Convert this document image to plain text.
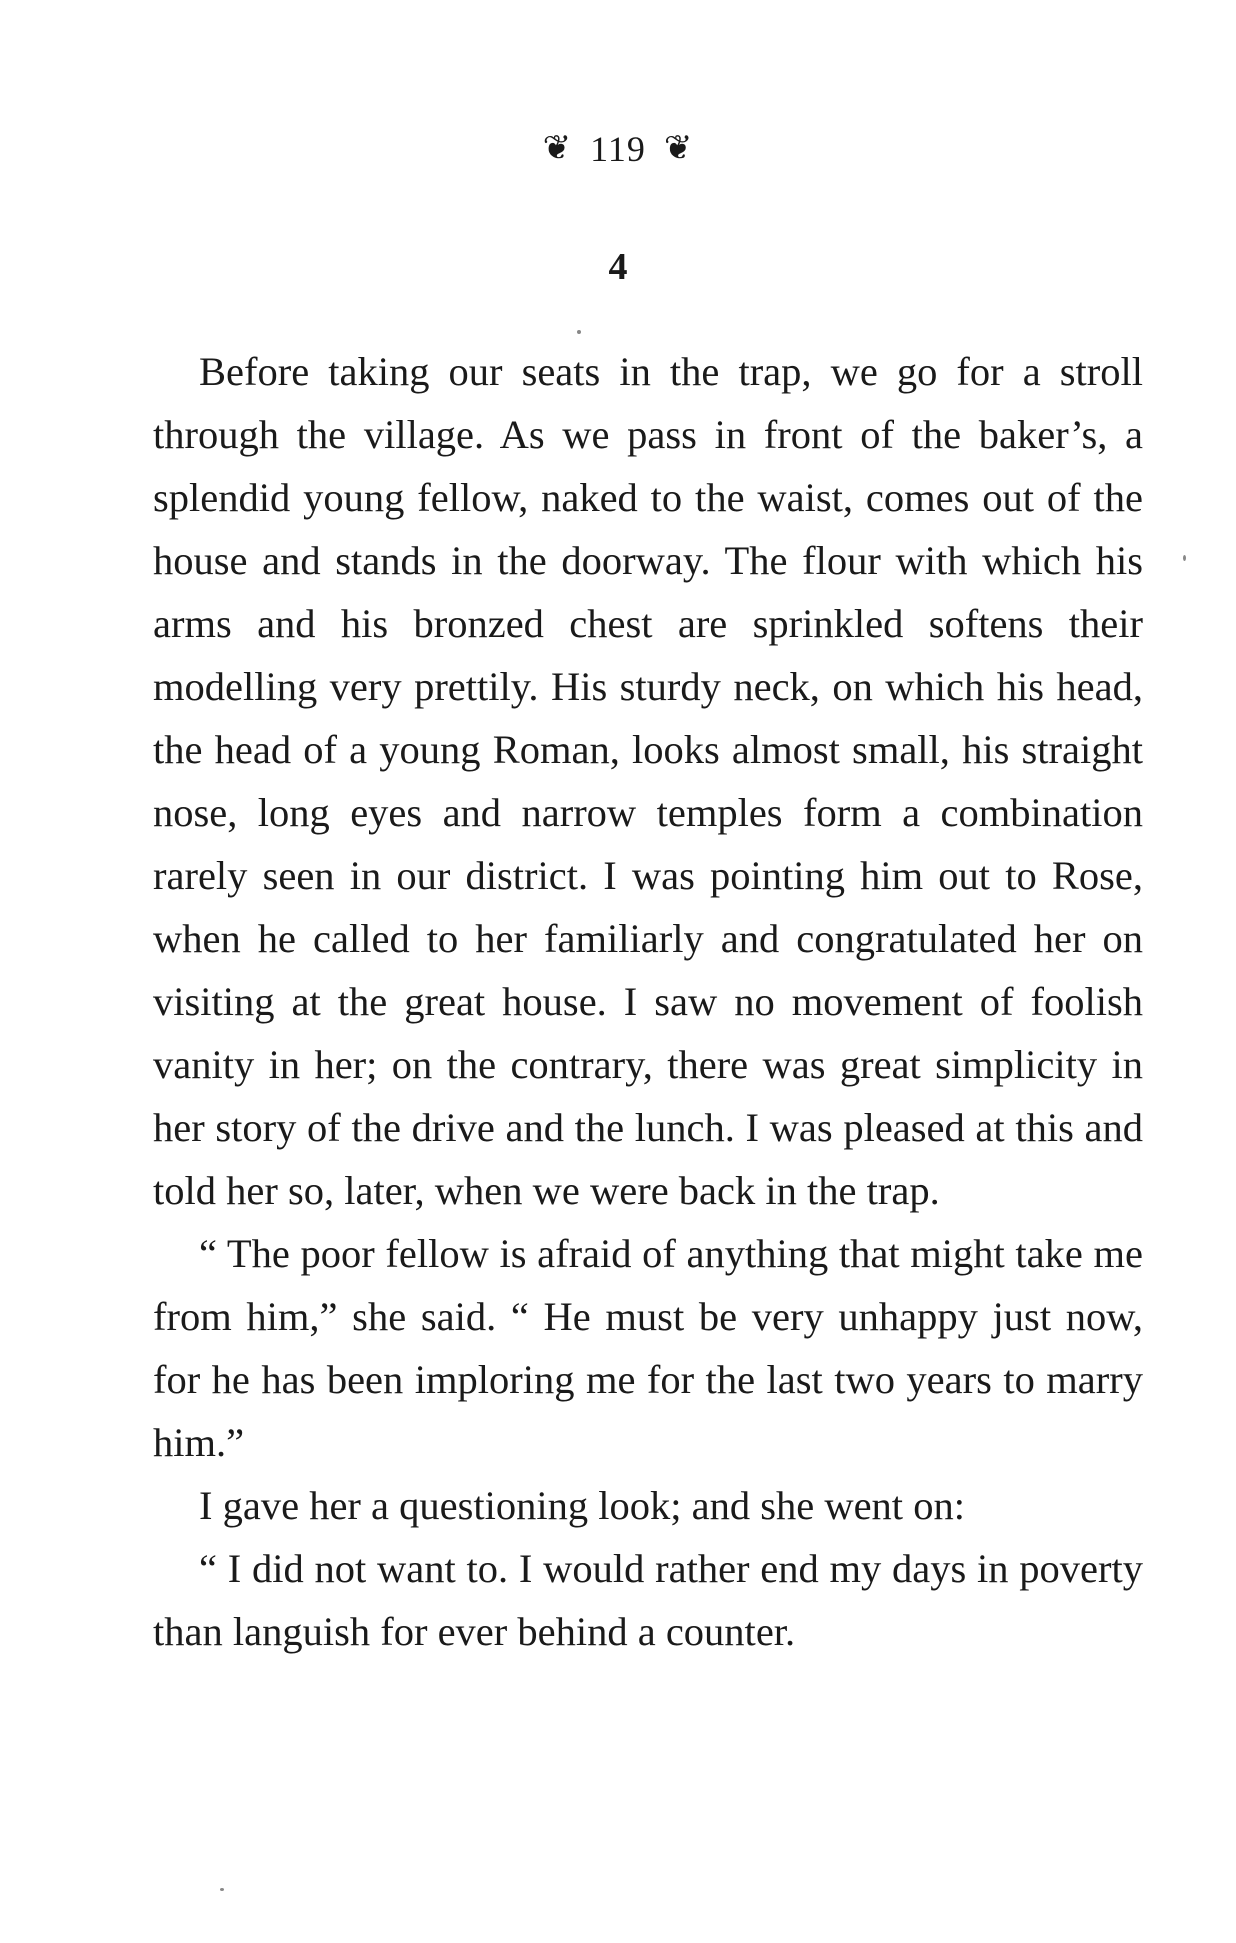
❦ 119 ❦
4

Before taking our seats in the trap, we go for a stroll through the village. As we pass in front of the baker’s, a splendid young fellow, naked to the waist, comes out of the house and stands in the doorway. The flour with which his arms and his bronzed chest are sprinkled softens their modelling very prettily. His sturdy neck, on which his head, the head of a young Roman, looks almost small, his straight nose, long eyes and narrow temples form a combination rarely seen in our district. I was pointing him out to Rose, when he called to her familiarly and congratulated her on visiting at the great house. I saw no movement of foolish vanity in her; on the contrary, there was great simplicity in her story of the drive and the lunch. I was pleased at this and told her so, later, when we were back in the trap.

“ The poor fellow is afraid of anything that might take me from him,” she said. “ He must be very unhappy just now, for he has been imploring me for the last two years to marry him.”

I gave her a questioning look; and she went on:

“ I did not want to. I would rather end my days in poverty than languish for ever behind a counter.
